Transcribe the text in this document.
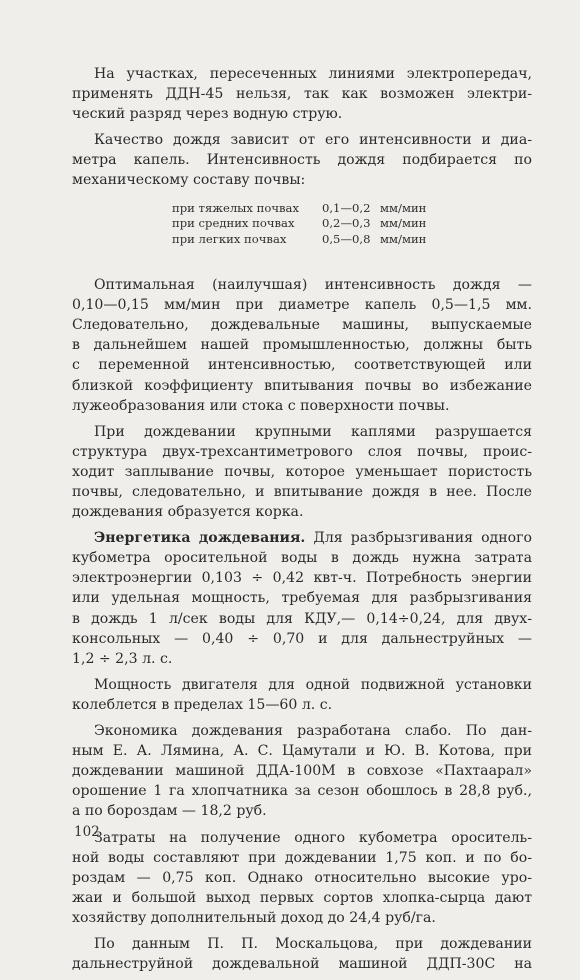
На участках, пересеченных линиями электропередач,
применять ДДН-45 нельзя, так как возможен электри-
ческий разряд через водную струю.
Качество дождя зависит от его интенсивности и диа-
метра капель. Интенсивность дождя подбирается по
механическому составу почвы:
при тяжелых почвах	0,1—0,2 мм/мин
при средних почвах	0,2—0,3 мм/мин
при легких почвах	0,5—0,8 мм/мин
Оптимальная (наилучшая) интенсивность дождя —
0,10—0,15 мм/мин при диаметре капель 0,5—1,5 мм.
Следовательно, дождевальные машины, выпускаемые
в дальнейшем нашей промышленностью, должны быть
с переменной интенсивностью, соответствующей или
близкой коэффициенту впитывания почвы во избежание
лужеобразования или стока с поверхности почвы.
При дождевании крупными каплями разрушается
структура двух-трехсантиметрового слоя почвы, проис-
ходит заплывание почвы, которое уменьшает пористость
почвы, следовательно, и впитывание дождя в нее. После
дождевания образуется корка.
Энергетика дождевания. Для разбрызгивания одного
кубометра оросительной воды в дождь нужна затрата
электроэнергии 0,103 ÷ 0,42 квт-ч. Потребность энергии
или удельная мощность, требуемая для разбрызгивания
в дождь 1 л/сек воды для КДУ,— 0,14÷0,24, для двух-
консольных — 0,40 ÷ 0,70 и для дальнеструйных —
1,2 ÷ 2,3 л. с.
Мощность двигателя для одной подвижной установки
колеблется в пределах 15—60 л. с.
Экономика дождевания разработана слабо. По дан-
ным Е. А. Лямина, А. С. Цамутали и Ю. В. Котова, при
дождевании машиной ДДА-100М в совхозе «Пахтаарал»
орошение 1 га хлопчатника за сезон обошлось в 28,8 руб.,
а по бороздам — 18,2 руб.
Затраты на получение одного кубометра ороситель-
ной воды составляют при дождевании 1,75 коп. и по бо-
роздам — 0,75 коп. Однако относительно высокие уро-
жаи и большой выход первых сортов хлопка-сырца дают
хозяйству дополнительный доход до 24,4 руб/га.
По данным П. П. Москальцова, при дождевании
дальнеструйной дождевальной машиной ДДП-30С на
102
